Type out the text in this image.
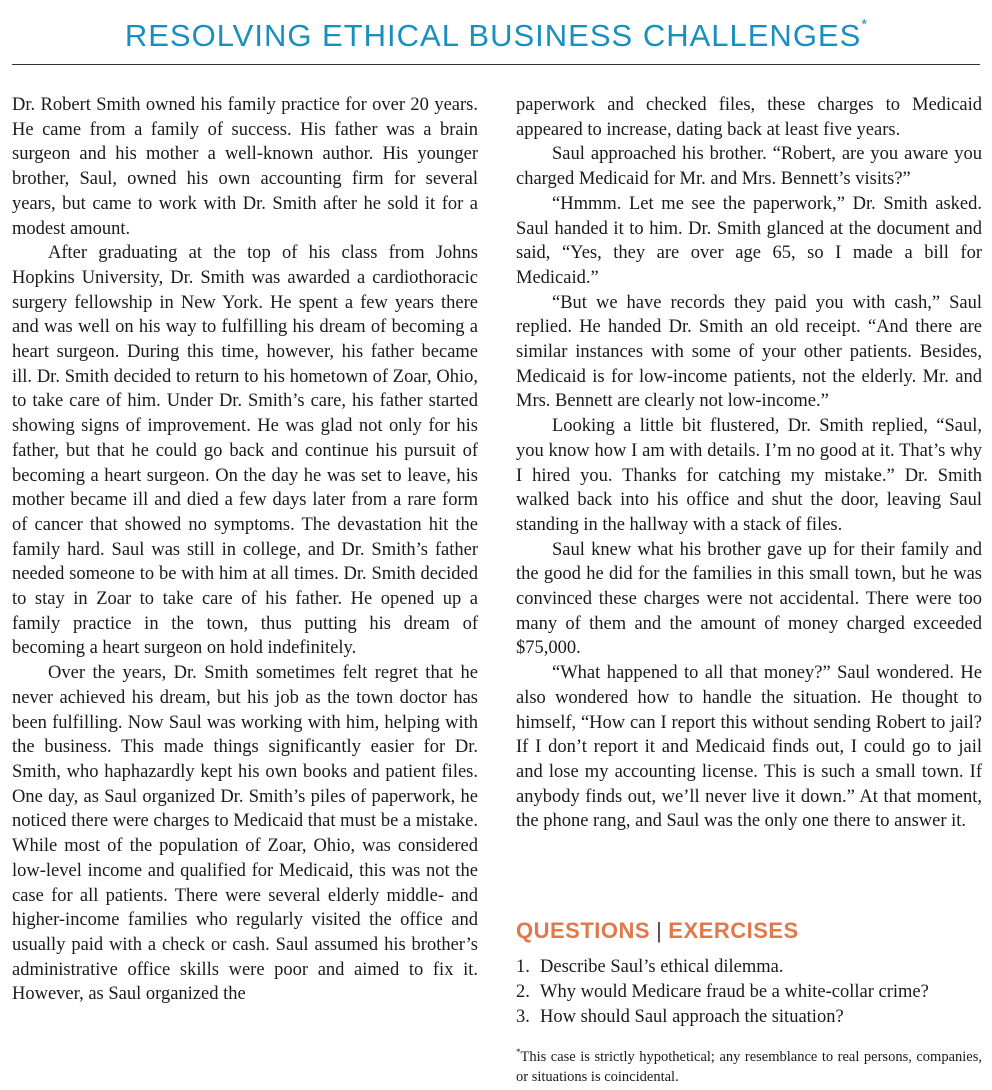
RESOLVING ETHICAL BUSINESS CHALLENGES*

Dr. Robert Smith owned his family practice for over 20 years. He came from a family of success. His father was a brain surgeon and his mother a well-known author. His younger brother, Saul, owned his own accounting firm for several years, but came to work with Dr. Smith after he sold it for a modest amount.

After graduating at the top of his class from Johns Hopkins University, Dr. Smith was awarded a cardiothoracic surgery fellowship in New York. He spent a few years there and was well on his way to fulfilling his dream of becoming a heart surgeon. During this time, however, his father became ill. Dr. Smith decided to return to his hometown of Zoar, Ohio, to take care of him. Under Dr. Smith’s care, his father started showing signs of improvement. He was glad not only for his father, but that he could go back and continue his pursuit of becoming a heart surgeon. On the day he was set to leave, his mother became ill and died a few days later from a rare form of cancer that showed no symptoms. The devastation hit the family hard. Saul was still in college, and Dr. Smith’s father needed someone to be with him at all times. Dr. Smith decided to stay in Zoar to take care of his father. He opened up a family practice in the town, thus putting his dream of becoming a heart surgeon on hold indefinitely.

Over the years, Dr. Smith sometimes felt regret that he never achieved his dream, but his job as the town doctor has been fulfilling. Now Saul was working with him, helping with the business. This made things significantly easier for Dr. Smith, who haphazardly kept his own books and patient files. One day, as Saul organized Dr. Smith’s piles of paperwork, he noticed there were charges to Medicaid that must be a mistake. While most of the population of Zoar, Ohio, was considered low-level income and qualified for Medicaid, this was not the case for all patients. There were several elderly middle- and higher-income families who regularly visited the office and usually paid with a check or cash. Saul assumed his brother’s administrative office skills were poor and aimed to fix it. However, as Saul organized the

paperwork and checked files, these charges to Medicaid appeared to increase, dating back at least five years.

Saul approached his brother. “Robert, are you aware you charged Medicaid for Mr. and Mrs. Bennett’s visits?”

“Hmmm. Let me see the paperwork,” Dr. Smith asked. Saul handed it to him. Dr. Smith glanced at the document and said, “Yes, they are over age 65, so I made a bill for Medicaid.”

“But we have records they paid you with cash,” Saul replied. He handed Dr. Smith an old receipt. “And there are similar instances with some of your other patients. Besides, Medicaid is for low-income patients, not the elderly. Mr. and Mrs. Bennett are clearly not low-income.”

Looking a little bit flustered, Dr. Smith replied, “Saul, you know how I am with details. I’m no good at it. That’s why I hired you. Thanks for catching my mistake.” Dr. Smith walked back into his office and shut the door, leaving Saul standing in the hallway with a stack of files.

Saul knew what his brother gave up for their family and the good he did for the families in this small town, but he was convinced these charges were not accidental. There were too many of them and the amount of money charged exceeded $75,000.

“What happened to all that money?” Saul wondered. He also wondered how to handle the situation. He thought to himself, “How can I report this without sending Robert to jail? If I don’t report it and Medicaid finds out, I could go to jail and lose my accounting license. This is such a small town. If anybody finds out, we’ll never live it down.” At that moment, the phone rang, and Saul was the only one there to answer it.

QUESTIONS | EXERCISES
1. Describe Saul’s ethical dilemma.
2. Why would Medicare fraud be a white-collar crime?
3. How should Saul approach the situation?
*This case is strictly hypothetical; any resemblance to real persons, companies, or situations is coincidental.
